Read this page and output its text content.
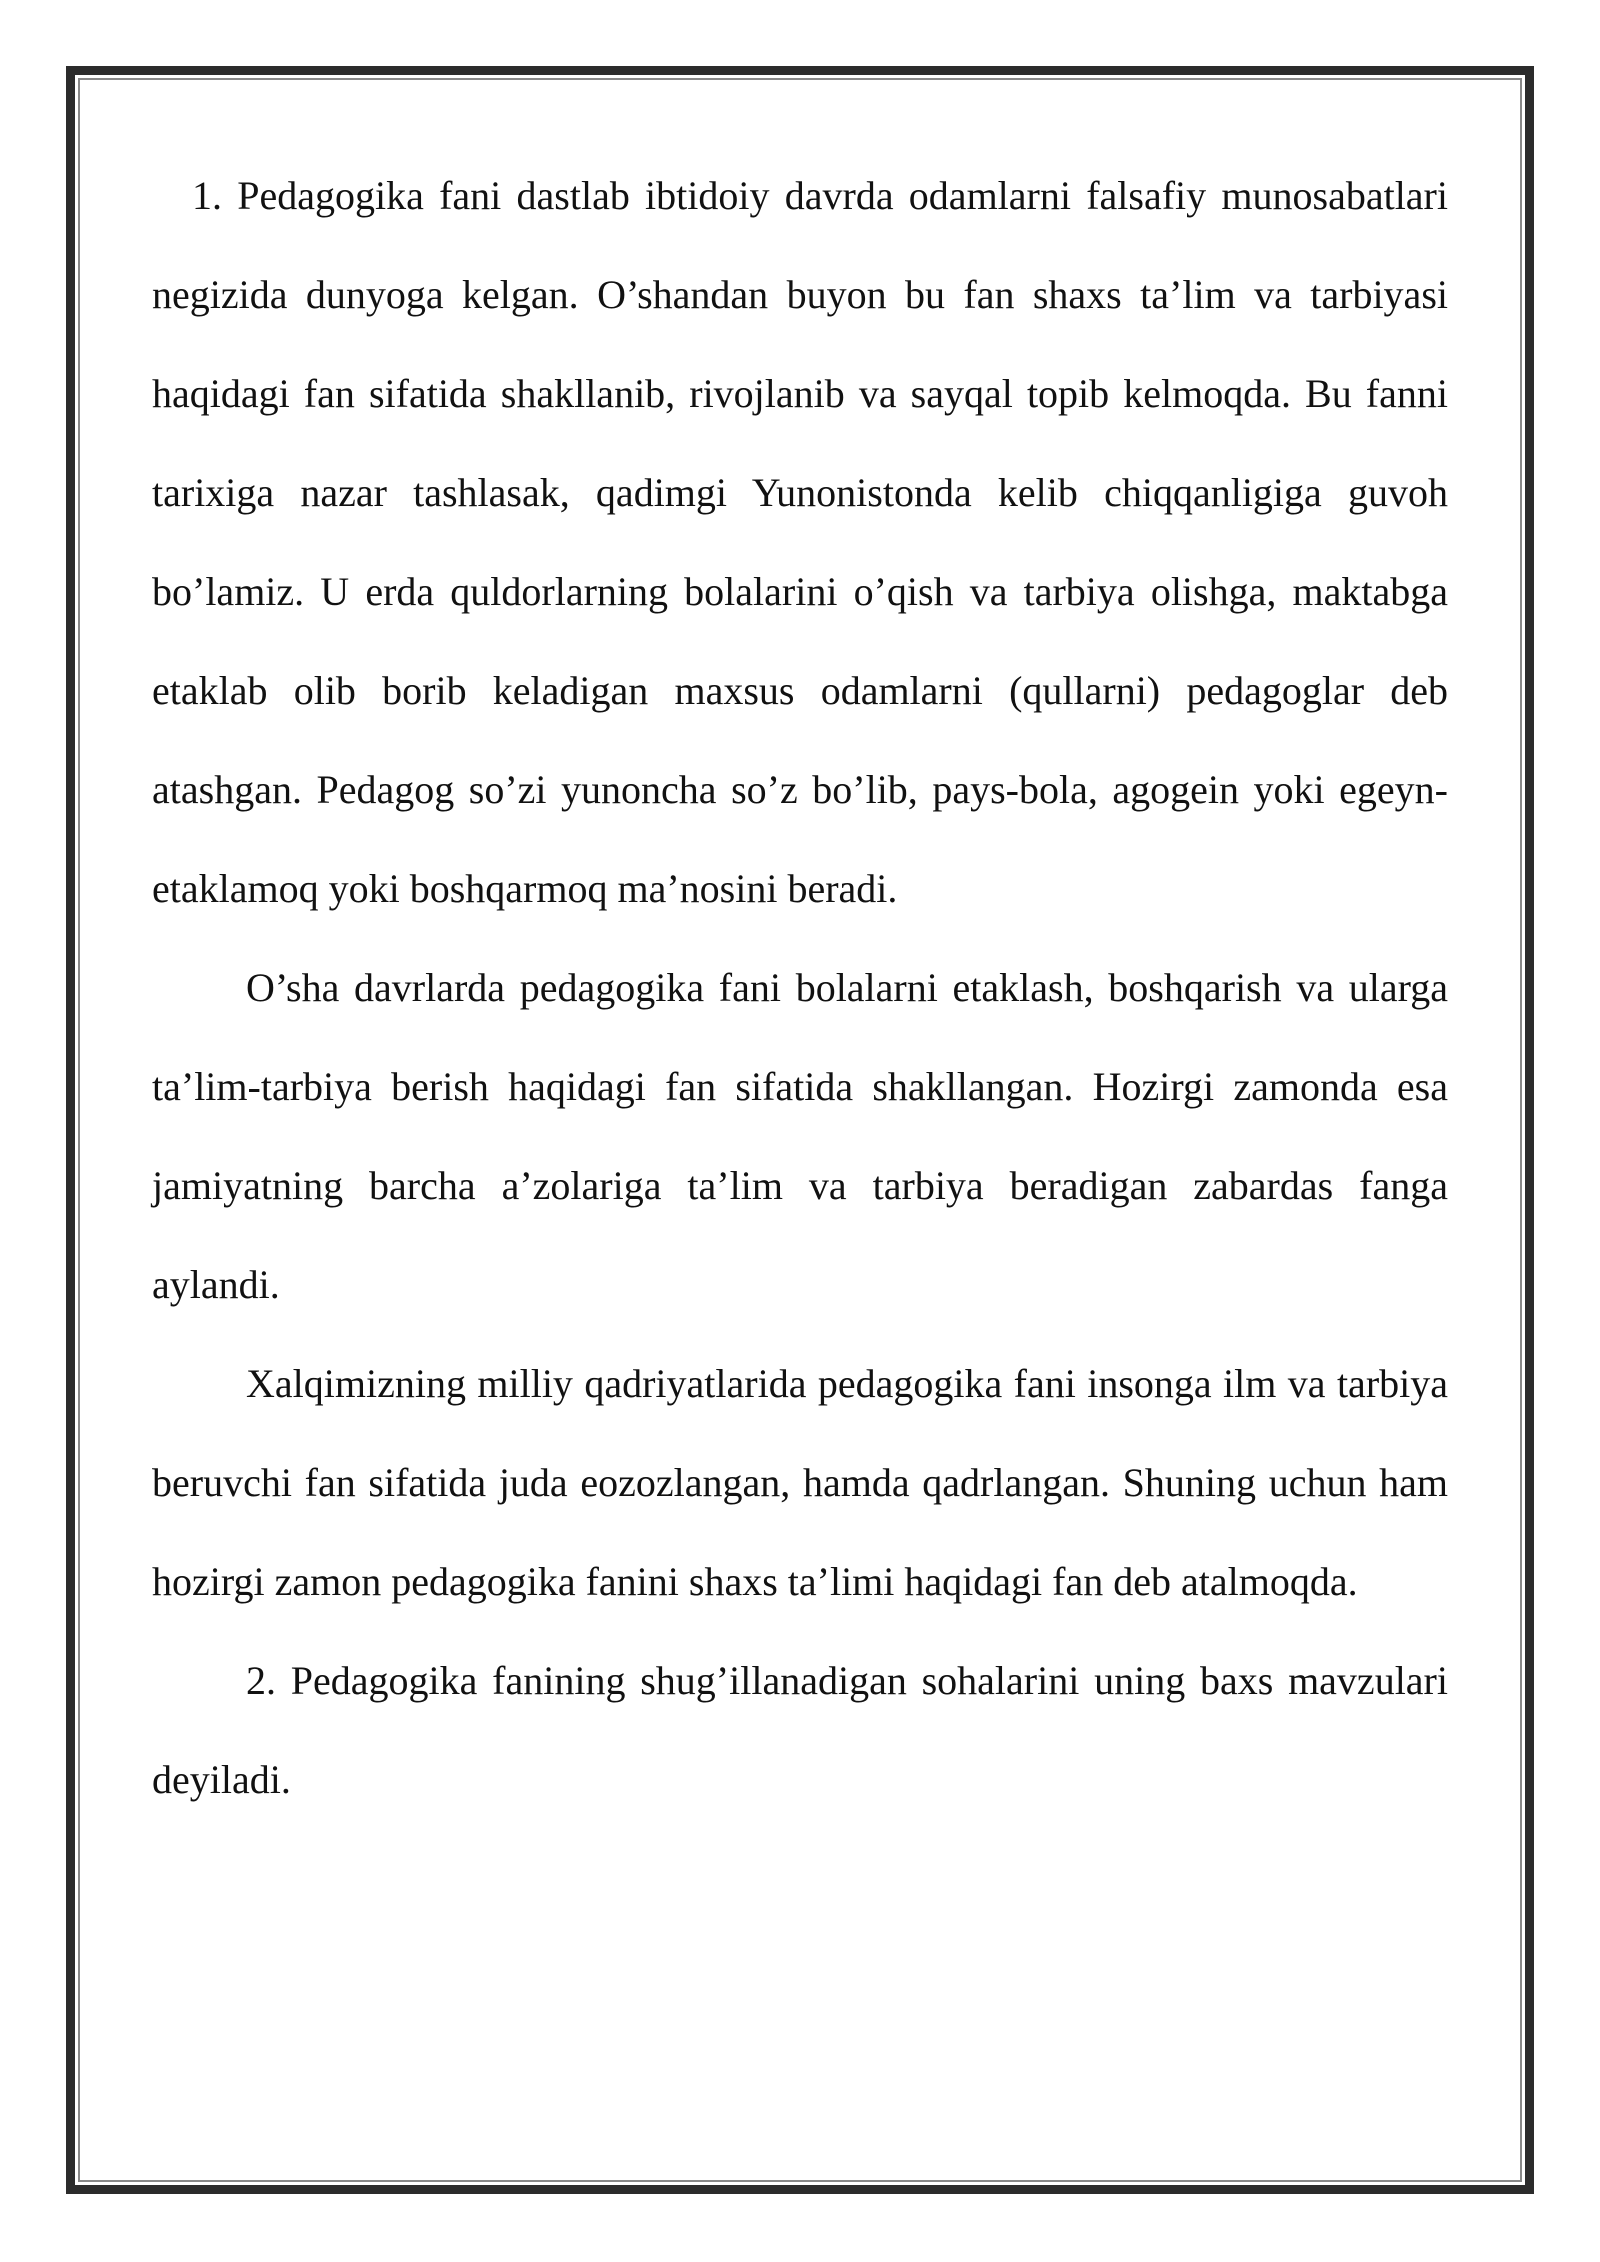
1. Pedagogika fani dastlab ibtidoiy davrda odamlarni falsafiy munosabatlari negizida dunyoga kelgan. O’shandan buyon bu fan shaxs ta’lim va tarbiyasi haqidagi fan sifatida shakllanib, rivojlanib va sayqal topib kelmoqda. Bu fanni tarixiga nazar tashlasak, qadimgi Yunonistonda kelib chiqqanligiga guvoh bo’lamiz. U erda quldorlarning bolalarini o’qish va tarbiya olishga, maktabga etaklab olib borib keladigan maxsus odamlarni (qullarni) pedagoglar deb atashgan. Pedagog so’zi yunoncha so’z bo’lib, pays-bola, agogein yoki egeyn-etaklamoq yoki boshqarmoq ma’nosini beradi.

O’sha davrlarda pedagogika fani bolalarni etaklash, boshqarish va ularga ta’lim-tarbiya berish haqidagi fan sifatida shakllangan. Hozirgi zamonda esa jamiyatning barcha a’zolariga ta’lim va tarbiya beradigan zabardas fanga aylandi.

Xalqimizning milliy qadriyatlarida pedagogika fani insonga ilm va tarbiya beruvchi fan sifatida juda eozozlangan, hamda qadrlangan. Shuning uchun ham hozirgi zamon pedagogika fanini shaxs ta’limi haqidagi fan deb atalmoqda.

2. Pedagogika fanining shug’illanadigan sohalarini uning baxs mavzulari deyiladi.
